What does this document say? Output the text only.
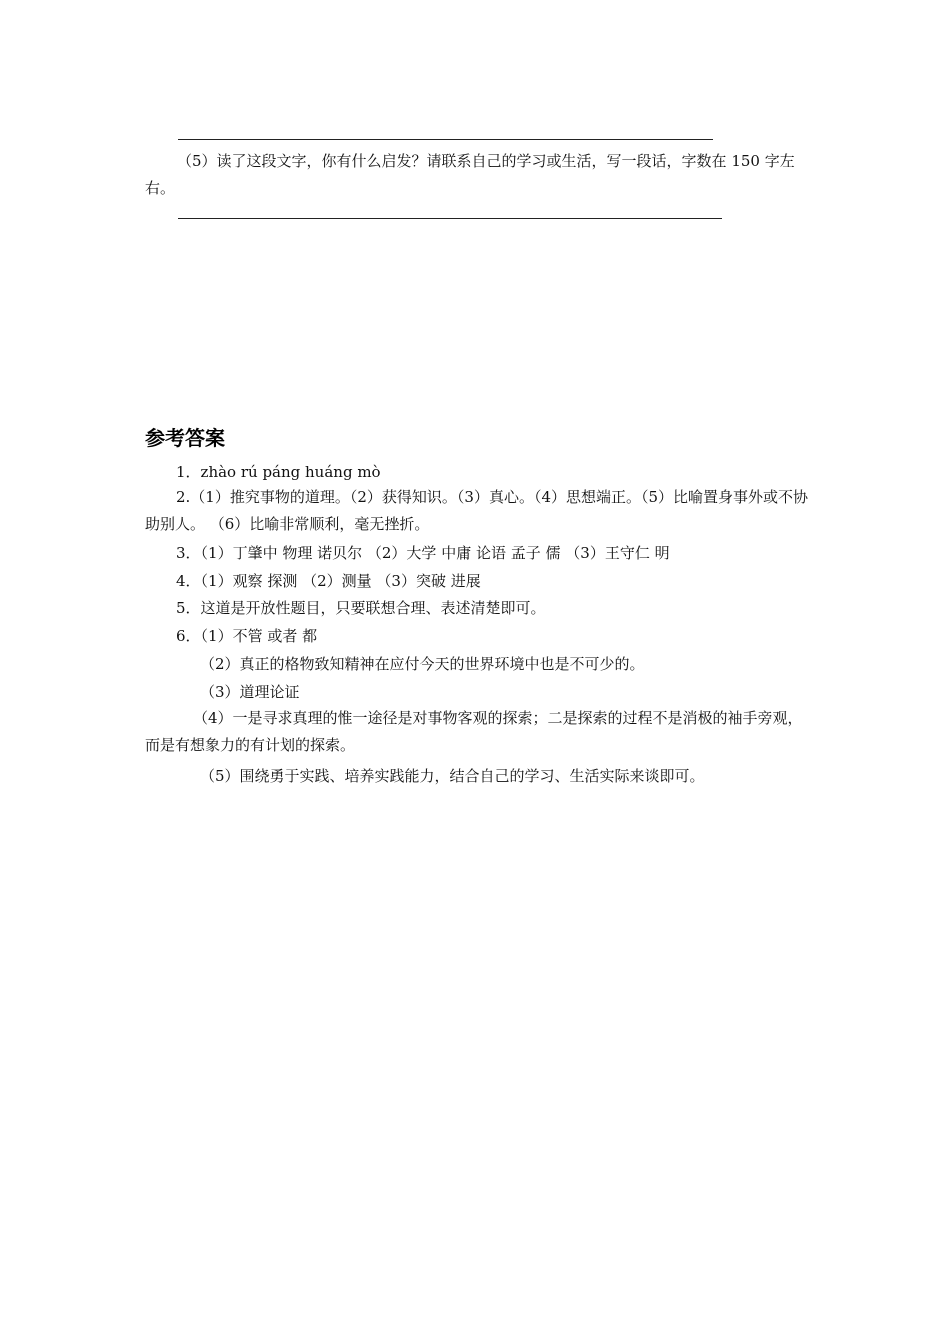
（5）读了这段文字，你有什么启发？请联系自己的学习或生活，写一段话，字数在 150 字左右。
参考答案
1．zhào rú páng huáng mò
2.（1）推究事物的道理。（2）获得知识。（3）真心。（4）思想端正。（5）比喻置身事外或不协助别人。 （6）比喻非常顺利，毫无挫折。
3．（1）丁肇中 物理 诺贝尔 （2）大学 中庸 论语 孟子 儒 （3）王守仁 明
4．（1）观察 探测 （2）测量 （3）突破 进展
5．这道是开放性题目，只要联想合理、表述清楚即可。
6．（1）不管 或者 都
（2）真正的格物致知精神在应付今天的世界环境中也是不可少的。
（3）道理论证
（4）一是寻求真理的惟一途径是对事物客观的探索；二是探索的过程不是消极的袖手旁观，而是有想象力的有计划的探索。
（5）围绕勇于实践、培养实践能力，结合自己的学习、生活实际来谈即可。
